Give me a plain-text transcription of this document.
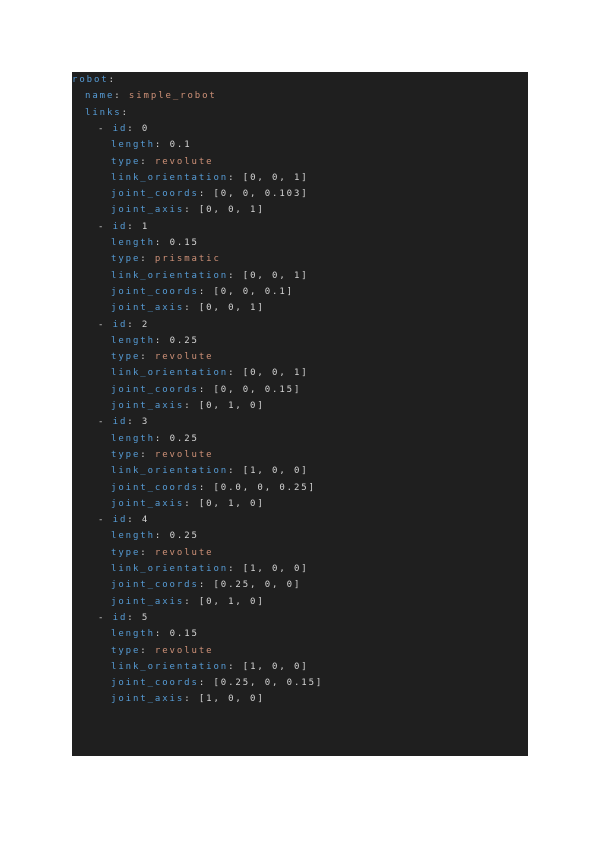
robot:
name: simple_robot
links:
- id: 0
length: 0.1
type: revolute
link_orientation: [0, 0, 1]
joint_coords: [0, 0, 0.103]
joint_axis: [0, 0, 1]
- id: 1
length: 0.15
type: prismatic
link_orientation: [0, 0, 1]
joint_coords: [0, 0, 0.1]
joint_axis: [0, 0, 1]
- id: 2
length: 0.25
type: revolute
link_orientation: [0, 0, 1]
joint_coords: [0, 0, 0.15]
joint_axis: [0, 1, 0]
- id: 3
length: 0.25
type: revolute
link_orientation: [1, 0, 0]
joint_coords: [0.0, 0, 0.25]
joint_axis: [0, 1, 0]
- id: 4
length: 0.25
type: revolute
link_orientation: [1, 0, 0]
joint_coords: [0.25, 0, 0]
joint_axis: [0, 1, 0]
- id: 5
length: 0.15
type: revolute
link_orientation: [1, 0, 0]
joint_coords: [0.25, 0, 0.15]
joint_axis: [1, 0, 0]
